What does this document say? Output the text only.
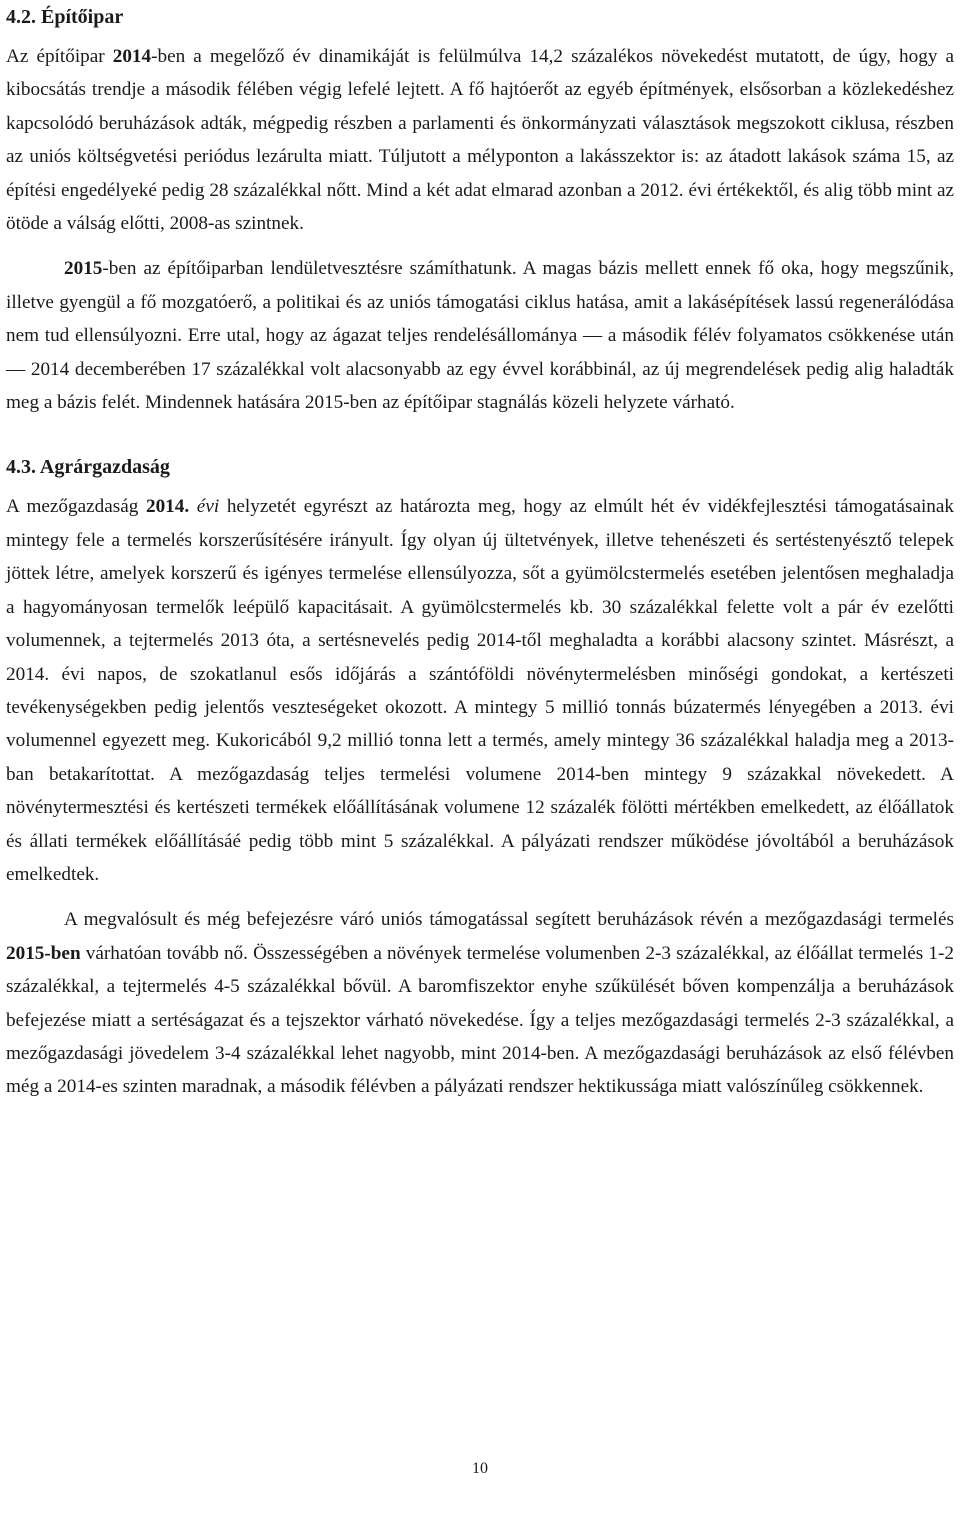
4.2. Építőipar

Az építőipar 2014-ben a megelőző év dinamikáját is felülmúlva 14,2 százalékos növekedést mutatott, de úgy, hogy a kibocsátás trendje a második félében végig lefelé lejtett. A fő hajtóerőt az egyéb építmények, elsősorban a közlekedéshez kapcsolódó beruházások adták, mégpedig részben a parlamenti és önkormányzati választások megszokott ciklusa, részben az uniós költségvetési periódus lezárulta miatt. Túljutott a mélyponton a lakásszektor is: az átadott lakások száma 15, az építési engedélyeké pedig 28 százalékkal nőtt. Mind a két adat elmarad azonban a 2012. évi értékektől, és alig több mint az ötöde a válság előtti, 2008-as szintnek.

2015-ben az építőiparban lendületvesztésre számíthatunk. A magas bázis mellett ennek fő oka, hogy megszűnik, illetve gyengül a fő mozgatóerő, a politikai és az uniós támogatási ciklus hatása, amit a lakásépítések lassú regenerálódása nem tud ellensúlyozni. Erre utal, hogy az ágazat teljes rendelésállománya ― a második félév folyamatos csökkenése után ― 2014 decemberében 17 százalékkal volt alacsonyabb az egy évvel korábbinál, az új megrendelések pedig alig haladták meg a bázis felét. Mindennek hatására 2015-ben az építőipar stagnálás közeli helyzete várható.

4.3. Agrárgazdaság

A mezőgazdaság 2014. évi helyzetét egyrészt az határozta meg, hogy az elmúlt hét év vidékfejlesztési támogatásainak mintegy fele a termelés korszerűsítésére irányult. Így olyan új ültetvények, illetve tehenészeti és sertéstenyésztő telepek jöttek létre, amelyek korszerű és igényes termelése ellensúlyozza, sőt a gyümölcstermelés esetében jelentősen meghaladja a hagyományosan termelők leépülő kapacitásait. A gyümölcstermelés kb. 30 százalékkal felette volt a pár év ezelőtti volumennek, a tejtermelés 2013 óta, a sertésnevelés pedig 2014-től meghaladta a korábbi alacsony szintet. Másrészt, a 2014. évi napos, de szokatlanul esős időjárás a szántóföldi növénytermelésben minőségi gondokat, a kertészeti tevékenységekben pedig jelentős veszteségeket okozott. A mintegy 5 millió tonnás búzatermés lényegében a 2013. évi volumennel egyezett meg. Kukoricából 9,2 millió tonna lett a termés, amely mintegy 36 százalékkal haladja meg a 2013-ban betakarítottat. A mezőgazdaság teljes termelési volumene 2014-ben mintegy 9 százakkal növekedett. A növénytermesztési és kertészeti termékek előállításának volumene 12 százalék fölötti mértékben emelkedett, az élőállatok és állati termékek előállításáé pedig több mint 5 százalékkal. A pályázati rendszer működése jóvoltából a beruházások emelkedtek.

A megvalósult és még befejezésre váró uniós támogatással segített beruházások révén a mezőgazdasági termelés 2015-ben várhatóan tovább nő. Összességében a növények termelése volumenben 2-3 százalékkal, az élőállat termelés 1-2 százalékkal, a tejtermelés 4-5 százalékkal bővül. A baromfiszektor enyhe szűkülését bőven kompenzálja a beruházások befejezése miatt a sertéságazat és a tejszektor várható növekedése. Így a teljes mezőgazdasági termelés 2-3 százalékkal, a mezőgazdasági jövedelem 3-4 százalékkal lehet nagyobb, mint 2014-ben. A mezőgazdasági beruházások az első félévben még a 2014-es szinten maradnak, a második félévben a pályázati rendszer hektikussága miatt valószínűleg csökkennek.

10
